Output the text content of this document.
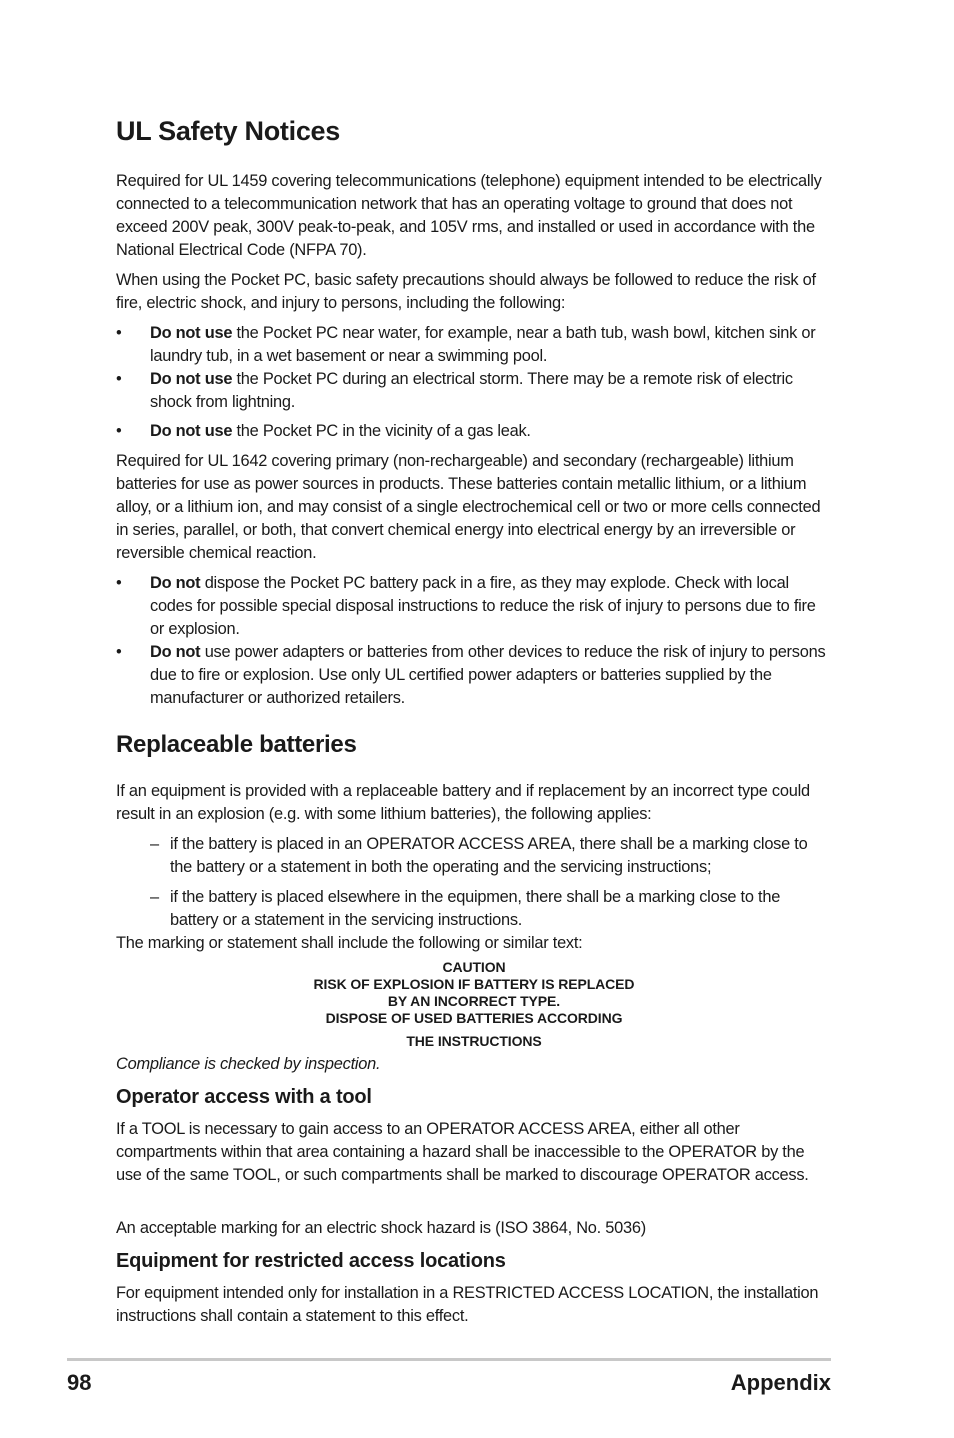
UL Safety Notices

Required for UL 1459 covering telecommunications (telephone) equipment intended to be electrically connected to a telecommunication network that has an operating voltage to ground that does not exceed 200V peak, 300V peak-to-peak, and 105V rms, and installed or used in accordance with the National Electrical Code (NFPA 70).

When using the Pocket PC, basic safety precautions should always be followed to reduce the risk of fire, electric shock, and injury to persons, including the following:

•	Do not use the Pocket PC near water, for example, near a bath tub, wash bowl, kitchen sink or laundry tub, in a wet basement or near a swimming pool.
•	Do not use the Pocket PC during an electrical storm. There may be a remote risk of electric shock from lightning.
•	Do not use the Pocket PC in the vicinity of a gas leak.

Required for UL 1642 covering primary (non-rechargeable) and secondary (rechargeable) lithium batteries for use as power sources in products. These batteries contain metallic lithium, or a lithium alloy, or a lithium ion, and may consist of a single electrochemical cell or two or more cells connected in series, parallel, or both, that convert chemical energy into electrical energy by an irreversible or reversible chemical reaction.

•	Do not dispose the Pocket PC battery pack in a fire, as they may explode. Check with local codes for possible special disposal instructions to reduce the risk of injury to persons due to fire or explosion.
•	Do not use power adapters or batteries from other devices to reduce the risk of injury to persons due to fire or explosion. Use only UL certified power adapters or batteries supplied by the manufacturer or authorized retailers.
Replaceable batteries

If an equipment is provided with a replaceable battery and if replacement by an incorrect type could result in an explosion (e.g. with some lithium batteries), the following applies:

– if the battery is placed in an OPERATOR ACCESS AREA, there shall be a marking close to the battery or a statement in both the operating and the servicing instructions;
– if the battery is placed elsewhere in the equipmen, there shall be a marking close to the battery or a statement in the servicing instructions.

The marking or statement shall include the following or similar text:

CAUTION
RISK OF EXPLOSION IF BATTERY IS REPLACED
BY AN INCORRECT TYPE.
DISPOSE OF USED BATTERIES ACCORDING
THE INSTRUCTIONS

Compliance is checked by inspection.

Operator access with a tool

If a TOOL is necessary to gain access to an OPERATOR ACCESS AREA, either all other compartments within that area containing a hazard shall be inaccessible to the OPERATOR by the use of the same TOOL, or such compartments shall be marked to discourage OPERATOR access.

An acceptable marking for an electric shock hazard is (ISO 3864, No. 5036)

Equipment for restricted access locations

For equipment intended only for installation in a RESTRICTED ACCESS LOCATION, the installation instructions shall contain a statement to this effect.

98	Appendix
